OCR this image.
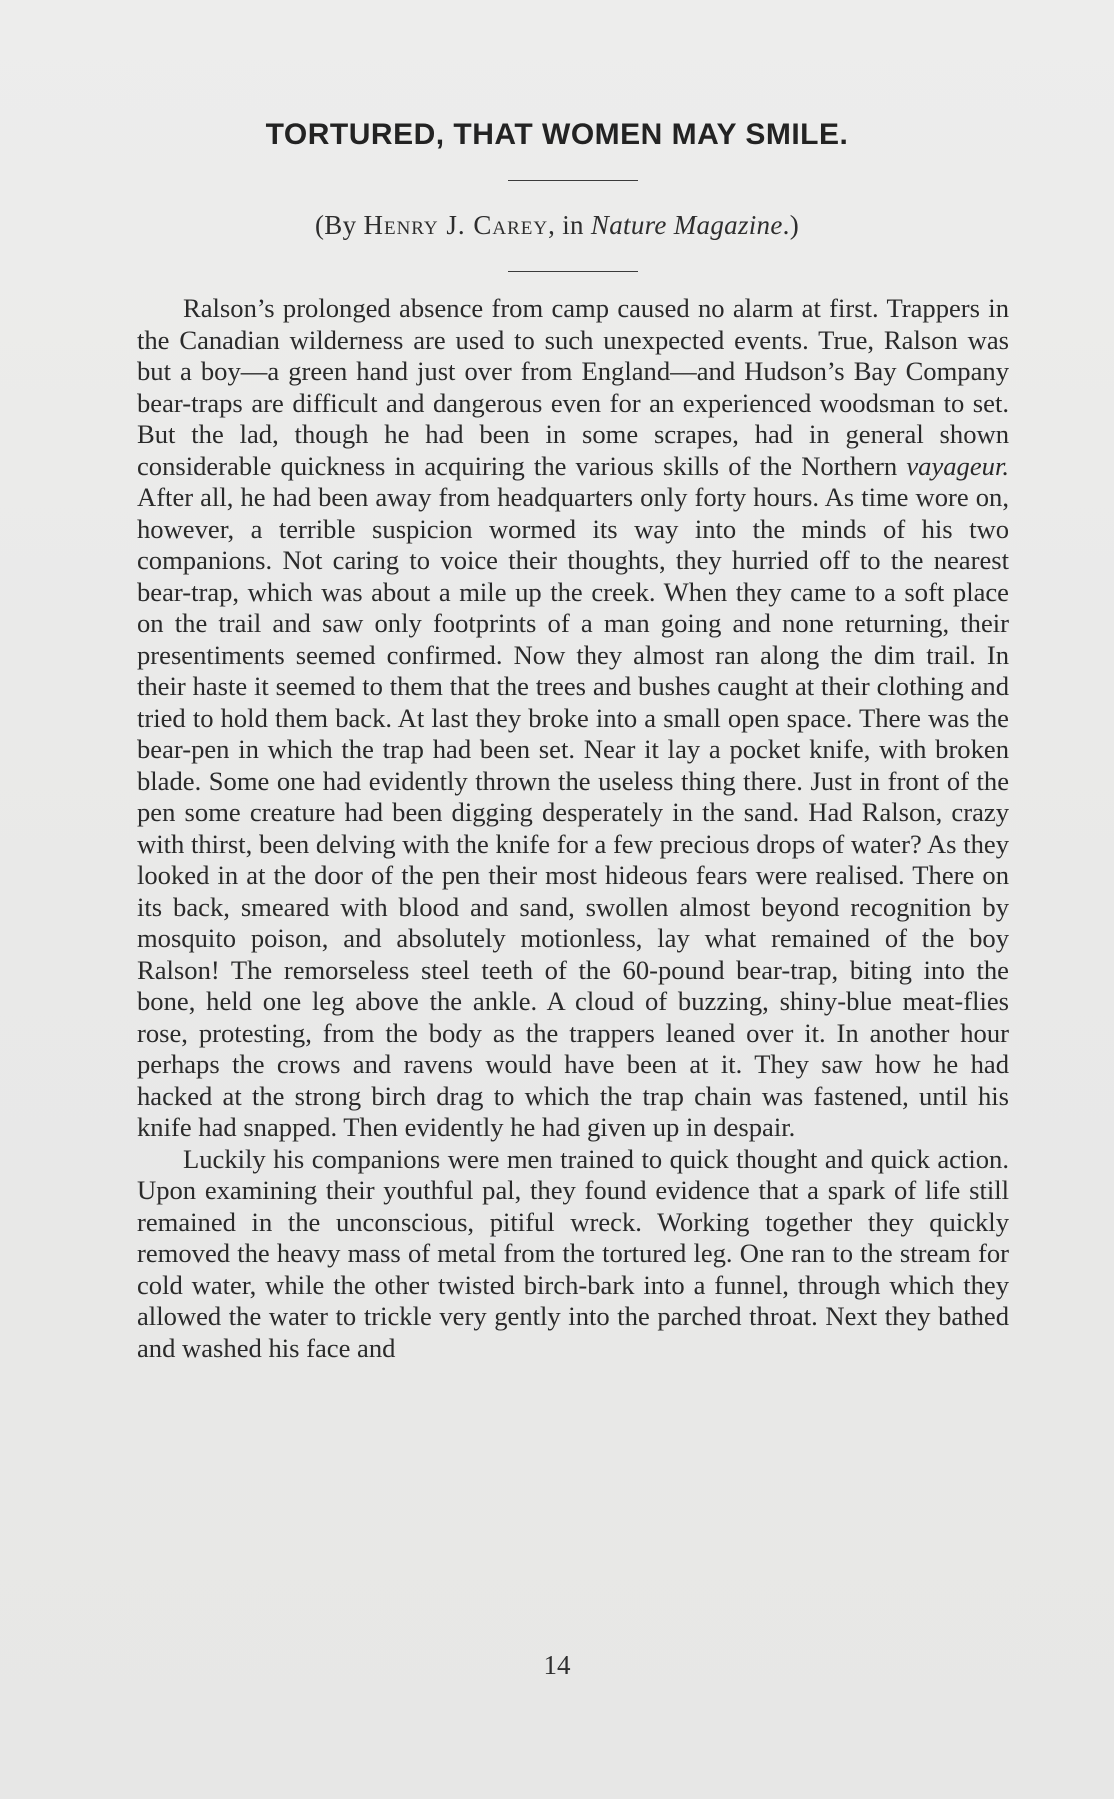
TORTURED, THAT WOMEN MAY SMILE.
(By Henry J. Carey, in Nature Magazine.)

Ralson’s prolonged absence from camp caused no alarm at first. Trappers in the Canadian wilderness are used to such unexpected events. True, Ralson was but a boy—a green hand just over from England—and Hudson’s Bay Company bear-traps are difficult and dangerous even for an experienced woodsman to set. But the lad, though he had been in some scrapes, had in general shown considerable quickness in acquiring the various skills of the Northern vayageur. After all, he had been away from headquarters only forty hours. As time wore on, however, a terrible suspicion wormed its way into the minds of his two companions. Not caring to voice their thoughts, they hurried off to the nearest bear-trap, which was about a mile up the creek. When they came to a soft place on the trail and saw only footprints of a man going and none returning, their presentiments seemed confirmed. Now they almost ran along the dim trail. In their haste it seemed to them that the trees and bushes caught at their clothing and tried to hold them back. At last they broke into a small open space. There was the bear-pen in which the trap had been set. Near it lay a pocket knife, with broken blade. Some one had evidently thrown the useless thing there. Just in front of the pen some creature had been digging desperately in the sand. Had Ralson, crazy with thirst, been delving with the knife for a few precious drops of water? As they looked in at the door of the pen their most hideous fears were realised. There on its back, smeared with blood and sand, swollen almost beyond recognition by mosquito poison, and absolutely motionless, lay what remained of the boy Ralson! The remorseless steel teeth of the 60-pound bear-trap, biting into the bone, held one leg above the ankle. A cloud of buzzing, shiny-blue meat-flies rose, protesting, from the body as the trappers leaned over it. In another hour perhaps the crows and ravens would have been at it. They saw how he had hacked at the strong birch drag to which the trap chain was fastened, until his knife had snapped. Then evidently he had given up in despair.

Luckily his companions were men trained to quick thought and quick action. Upon examining their youthful pal, they found evidence that a spark of life still remained in the unconscious, pitiful wreck. Working together they quickly removed the heavy mass of metal from the tortured leg. One ran to the stream for cold water, while the other twisted birch-bark into a funnel, through which they allowed the water to trickle very gently into the parched throat. Next they bathed and washed his face and

14
